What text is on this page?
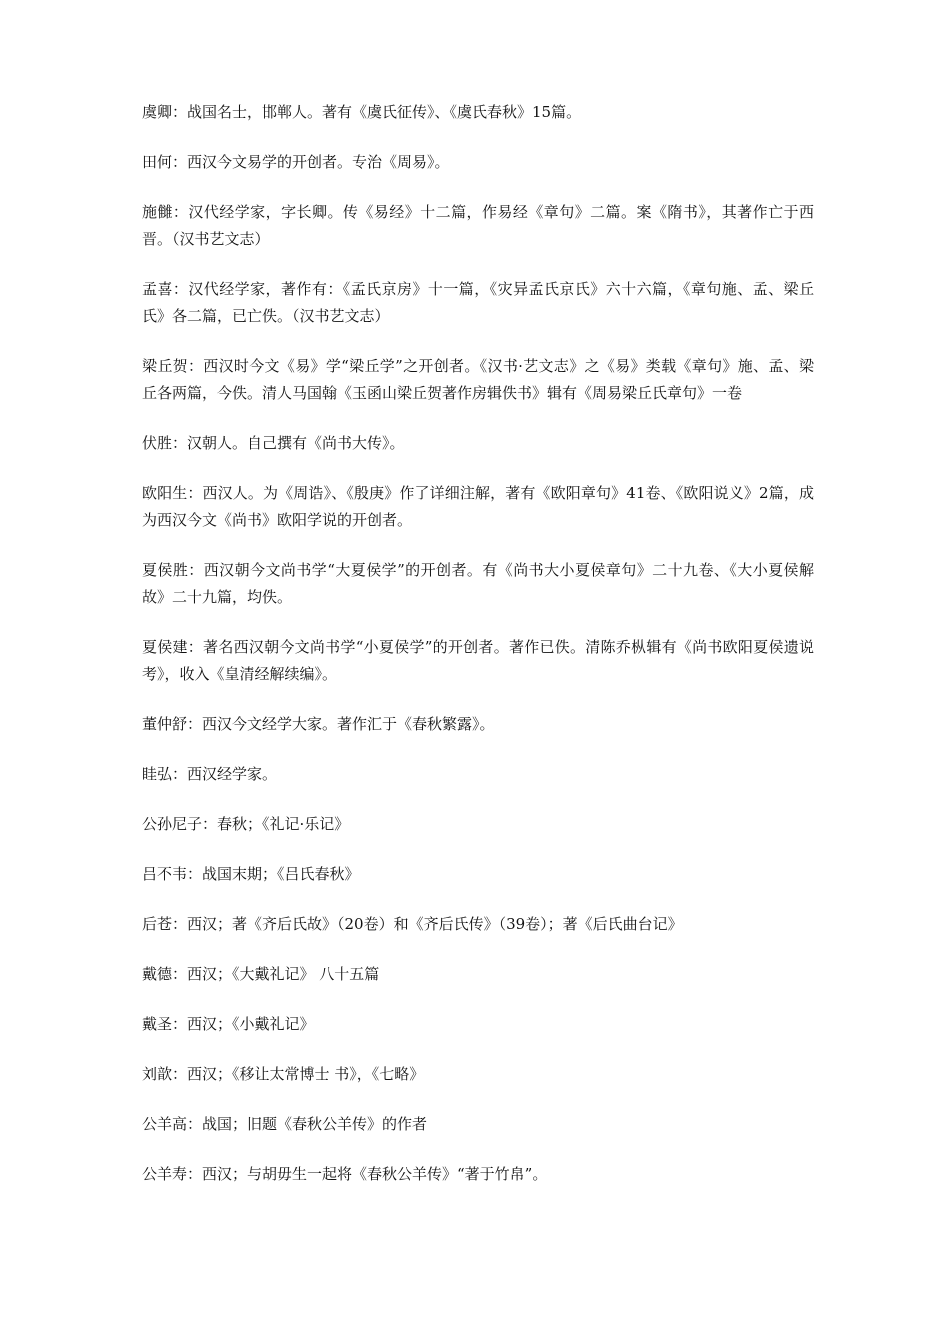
虞卿：战国名士，邯郸人。著有《虞氏征传》、《虞氏春秋》15篇。

田何：西汉今文易学的开创者。专治《周易》。

施雠：汉代经学家，字长卿。传《易经》十二篇，作易经《章句》二篇。案《隋书》，其著作亡于西晋。（汉书艺文志）

孟喜：汉代经学家，著作有：《孟氏京房》十一篇，《灾异孟氏京氏》六十六篇，《章句施、孟、梁丘氏》各二篇，已亡佚。（汉书艺文志）

梁丘贺：西汉时今文《易》学“梁丘学”之开创者。《汉书·艺文志》之《易》类载《章句》施、孟、梁丘各两篇，今佚。清人马国翰《玉函山梁丘贺著作房辑佚书》辑有《周易梁丘氏章句》一卷

伏胜：汉朝人。自己撰有《尚书大传》。

欧阳生：西汉人。为《周诰》、《殷庚》作了详细注解，著有《欧阳章句》41卷、《欧阳说义》2篇，成为西汉今文《尚书》欧阳学说的开创者。

夏侯胜：西汉朝今文尚书学“大夏侯学”的开创者。有《尚书大小夏侯章句》二十九卷、《大小夏侯解故》二十九篇，均佚。

夏侯建：著名西汉朝今文尚书学“小夏侯学”的开创者。著作已佚。清陈乔枞辑有《尚书欧阳夏侯遗说考》，收入《皇清经解续编》。

董仲舒：西汉今文经学大家。著作汇于《春秋繁露》。

眭弘：西汉经学家。

公孙尼子：春秋；《礼记·乐记》

吕不韦：战国末期；《吕氏春秋》

后苍：西汉；著《齐后氏故》（20卷）和《齐后氏传》（39卷）；著《后氏曲台记》

戴德：西汉；《大戴礼记》 八十五篇

戴圣：西汉；《小戴礼记》

刘歆：西汉；《移让太常博士 书》，《七略》

公羊高：战国；旧题《春秋公羊传》的作者

公羊寿：西汉；与胡毋生一起将《春秋公羊传》“著于竹帛”。
